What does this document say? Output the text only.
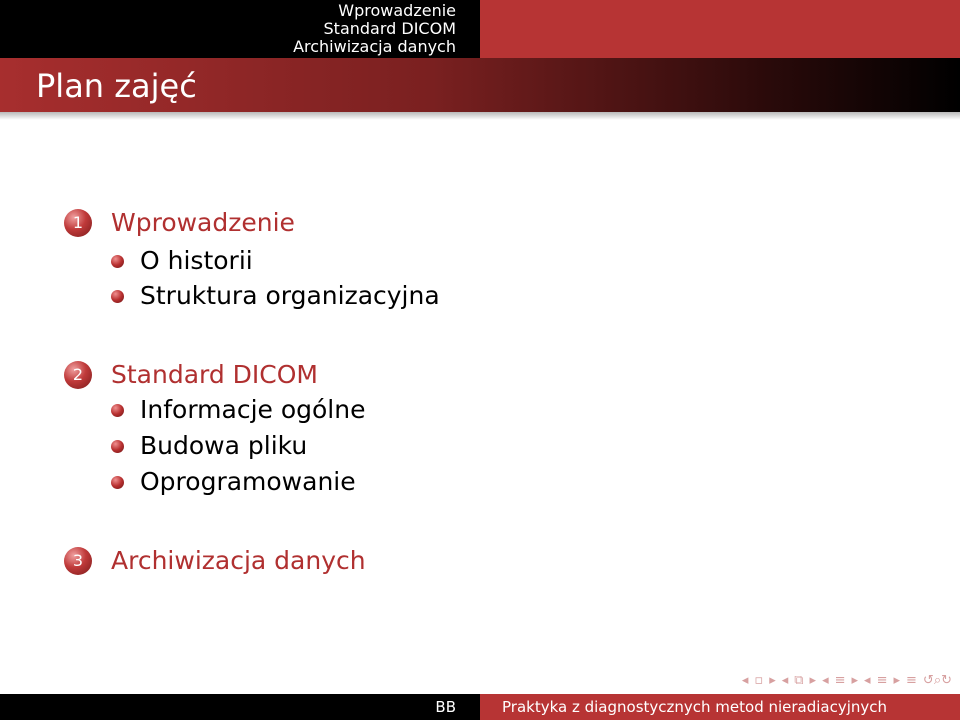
Wprowadzenie
Standard DICOM
Archiwizacja danych
Plan zajęć
1	Wprowadzenie
O historii
Struktura organizacyjna
2	Standard DICOM
Informacje ogólne
Budowa pliku
Oprogramowanie
3	Archiwizacja danych
◂ ▫ ▸ ◂ ⧉ ▸ ◂ ≡ ▸ ◂ ≡ ▸ ≡ ↺⌕↻
BB	Praktyka z diagnostycznych metod nieradiacyjnych
